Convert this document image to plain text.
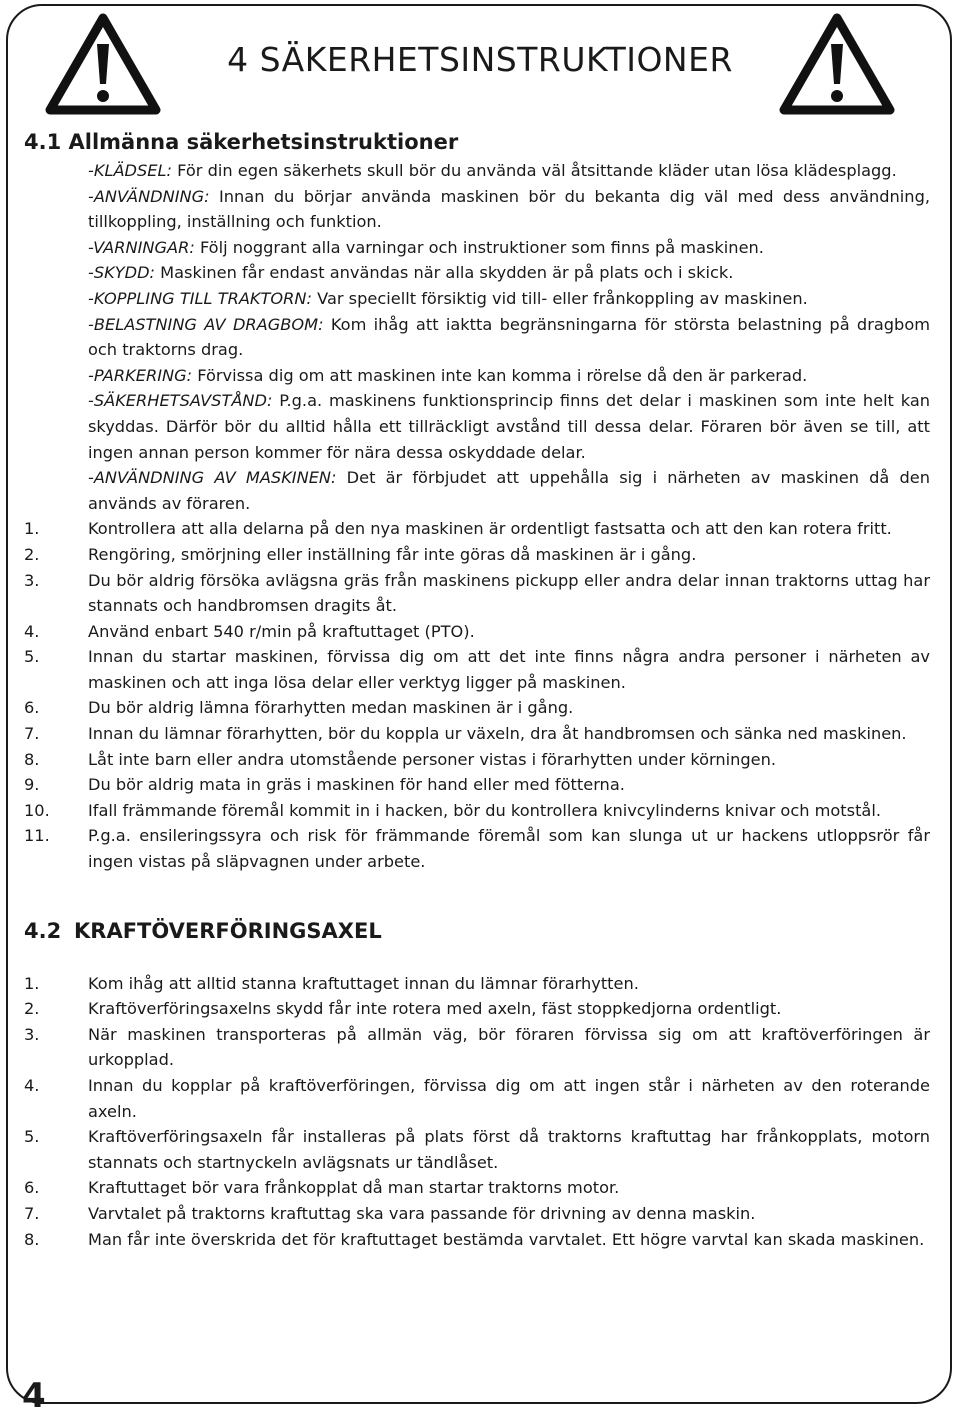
4 SÄKERHETSINSTRUKTIONER
4.1 Allmänna säkerhetsinstruktioner

-KLÄDSEL: För din egen säkerhets skull bör du använda väl åtsittande kläder utan lösa klädesplagg.

-ANVÄNDNING: Innan du börjar använda maskinen bör du bekanta dig väl med dess användning, tillkoppling, inställning och funktion.

-VARNINGAR: Följ noggrant alla varningar och instruktioner som finns på maskinen.

-SKYDD: Maskinen får endast användas när alla skydden är på plats och i skick.

-KOPPLING TILL TRAKTORN: Var speciellt försiktig vid till- eller frånkoppling av maskinen.

-BELASTNING AV DRAGBOM: Kom ihåg att iaktta begränsningarna för största belastning på dragbom och traktorns drag.

-PARKERING: Förvissa dig om att maskinen inte kan komma i rörelse då den är parkerad.

-SÄKERHETSAVSTÅND: P.g.a. maskinens funktionsprincip finns det delar i maskinen som inte helt kan skyddas. Därför bör du alltid hålla ett tillräckligt avstånd till dessa delar. Föraren bör även se till, att ingen annan person kommer för nära dessa oskyddade delar.

-ANVÄNDNING AV MASKINEN: Det är förbjudet att uppehålla sig i närheten av maskinen då den används av föraren.

1.	Kontrollera att alla delarna på den nya maskinen är ordentligt fastsatta och att den kan rotera fritt.
2.	Rengöring, smörjning eller inställning får inte göras då maskinen är i gång.
3.	Du bör aldrig försöka avlägsna gräs från maskinens pickupp eller andra delar innan traktorns uttag har stannats och handbromsen dragits åt.
4.	Använd enbart 540 r/min på kraftuttaget (PTO).
5.	Innan du startar maskinen, förvissa dig om att det inte finns några andra personer i närheten av maskinen och att inga lösa delar eller verktyg ligger på maskinen.
6.	Du bör aldrig lämna förarhytten medan maskinen är i gång.
7.	Innan du lämnar förarhytten, bör du koppla ur växeln, dra åt handbromsen och sänka ned maskinen.
8.	Låt inte barn eller andra utomstående personer vistas i förarhytten under körningen.
9.	Du bör aldrig mata in gräs i maskinen för hand eller med fötterna.
10.	Ifall främmande föremål kommit in i hacken, bör du kontrollera knivcylinderns knivar och motstål.
11.	P.g.a. ensileringssyra och risk för främmande föremål som kan slunga ut ur hackens utloppsrör får ingen vistas på släpvagnen under arbete.
4.2 KRAFTÖVERFÖRINGSAXEL
1.	Kom ihåg att alltid stanna kraftuttaget innan du lämnar förarhytten.
2.	Kraftöverföringsaxelns skydd får inte rotera med axeln, fäst stoppkedjorna ordentligt.
3.	När maskinen transporteras på allmän väg, bör föraren förvissa sig om att kraftöverföringen är urkopplad.
4.	Innan du kopplar på kraftöverföringen, förvissa dig om att ingen står i närheten av den roterande axeln.
5.	Kraftöverföringsaxeln får installeras på plats först då traktorns kraftuttag har frånkopplats, motorn stannats och startnyckeln avlägsnats ur tändlåset.
6.	Kraftuttaget bör vara frånkopplat då man startar traktorns motor.
7.	Varvtalet på traktorns kraftuttag ska vara passande för drivning av denna maskin.
8.	Man får inte överskrida det för kraftuttaget bestämda varvtalet. Ett högre varvtal kan skada maskinen.
4
